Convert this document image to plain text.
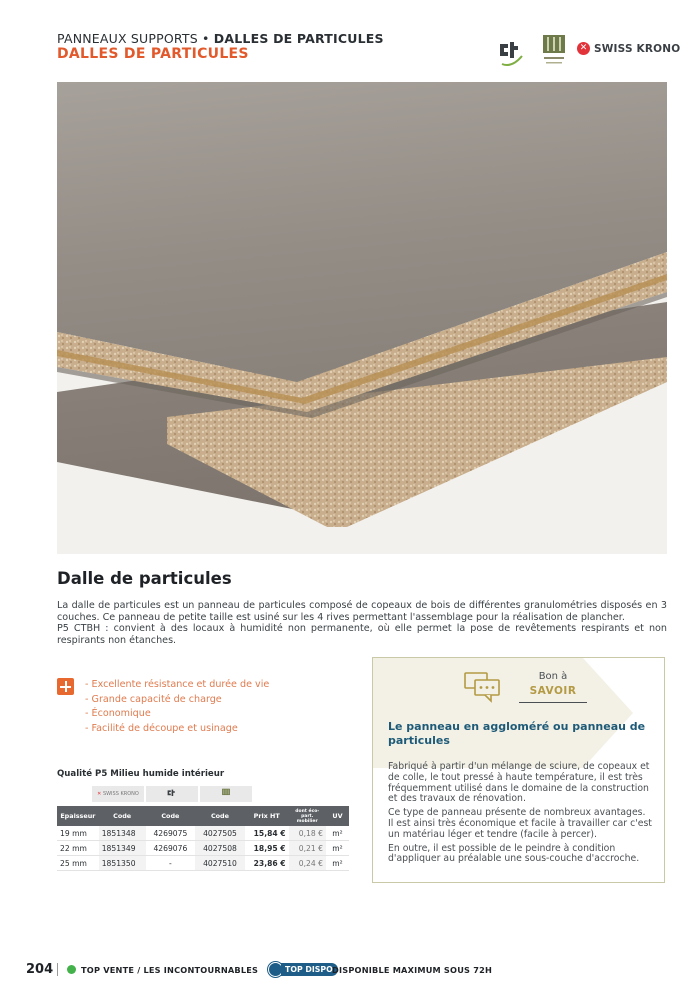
PANNEAUX SUPPORTS • DALLES DE PARTICULES
DALLES DE PARTICULES	✕ SWISS KRONO
Dalle de particules

La dalle de particules est un panneau de particules composé de copeaux de bois de différentes granulométries disposés en 3 couches. Ce panneau de petite taille est usiné sur les 4 rives permettant l'assemblage pour la réalisation de plancher.

P5 CTBH : convient à des locaux à humidité non permanente, où elle permet la pose de revêtements respirants et non respirants non étanches.

- Excellente résistance et durée de vie
- Grande capacité de charge
- Économique
- Facilité de découpe et usinage
Qualité P5 Milieu humide intérieur
✕
SWISS KRONO
Epaisseur	Code	Code	Code	Prix HT	dont éco-part. mobilier	UV
19 mm	1851348	4269075	4027505	15,84 €	0,18 €	m²
22 mm	1851349	4269076	4027508	18,95 €	0,21 €	m²
25 mm	1851350	-	4027510	23,86 €	0,24 €	m²
Bon à
SAVOIR
Le panneau en aggloméré ou panneau de particules

Fabriqué à partir d'un mélange de sciure, de copeaux et de colle, le tout pressé à haute température, il est très fréquemment utilisé dans le domaine de la construction et des travaux de rénovation.

Ce type de panneau présente de nombreux avantages. Il est ainsi très économique et facile à travailler car c'est un matériau léger et tendre (facile à percer).

En outre, il est possible de le peindre à condition d'appliquer au préalable une sous-couche d'accroche.

204	TOP VENTE / LES INCONTOURNABLES	TOP DISPO DISPONIBLE MAXIMUM SOUS 72H
